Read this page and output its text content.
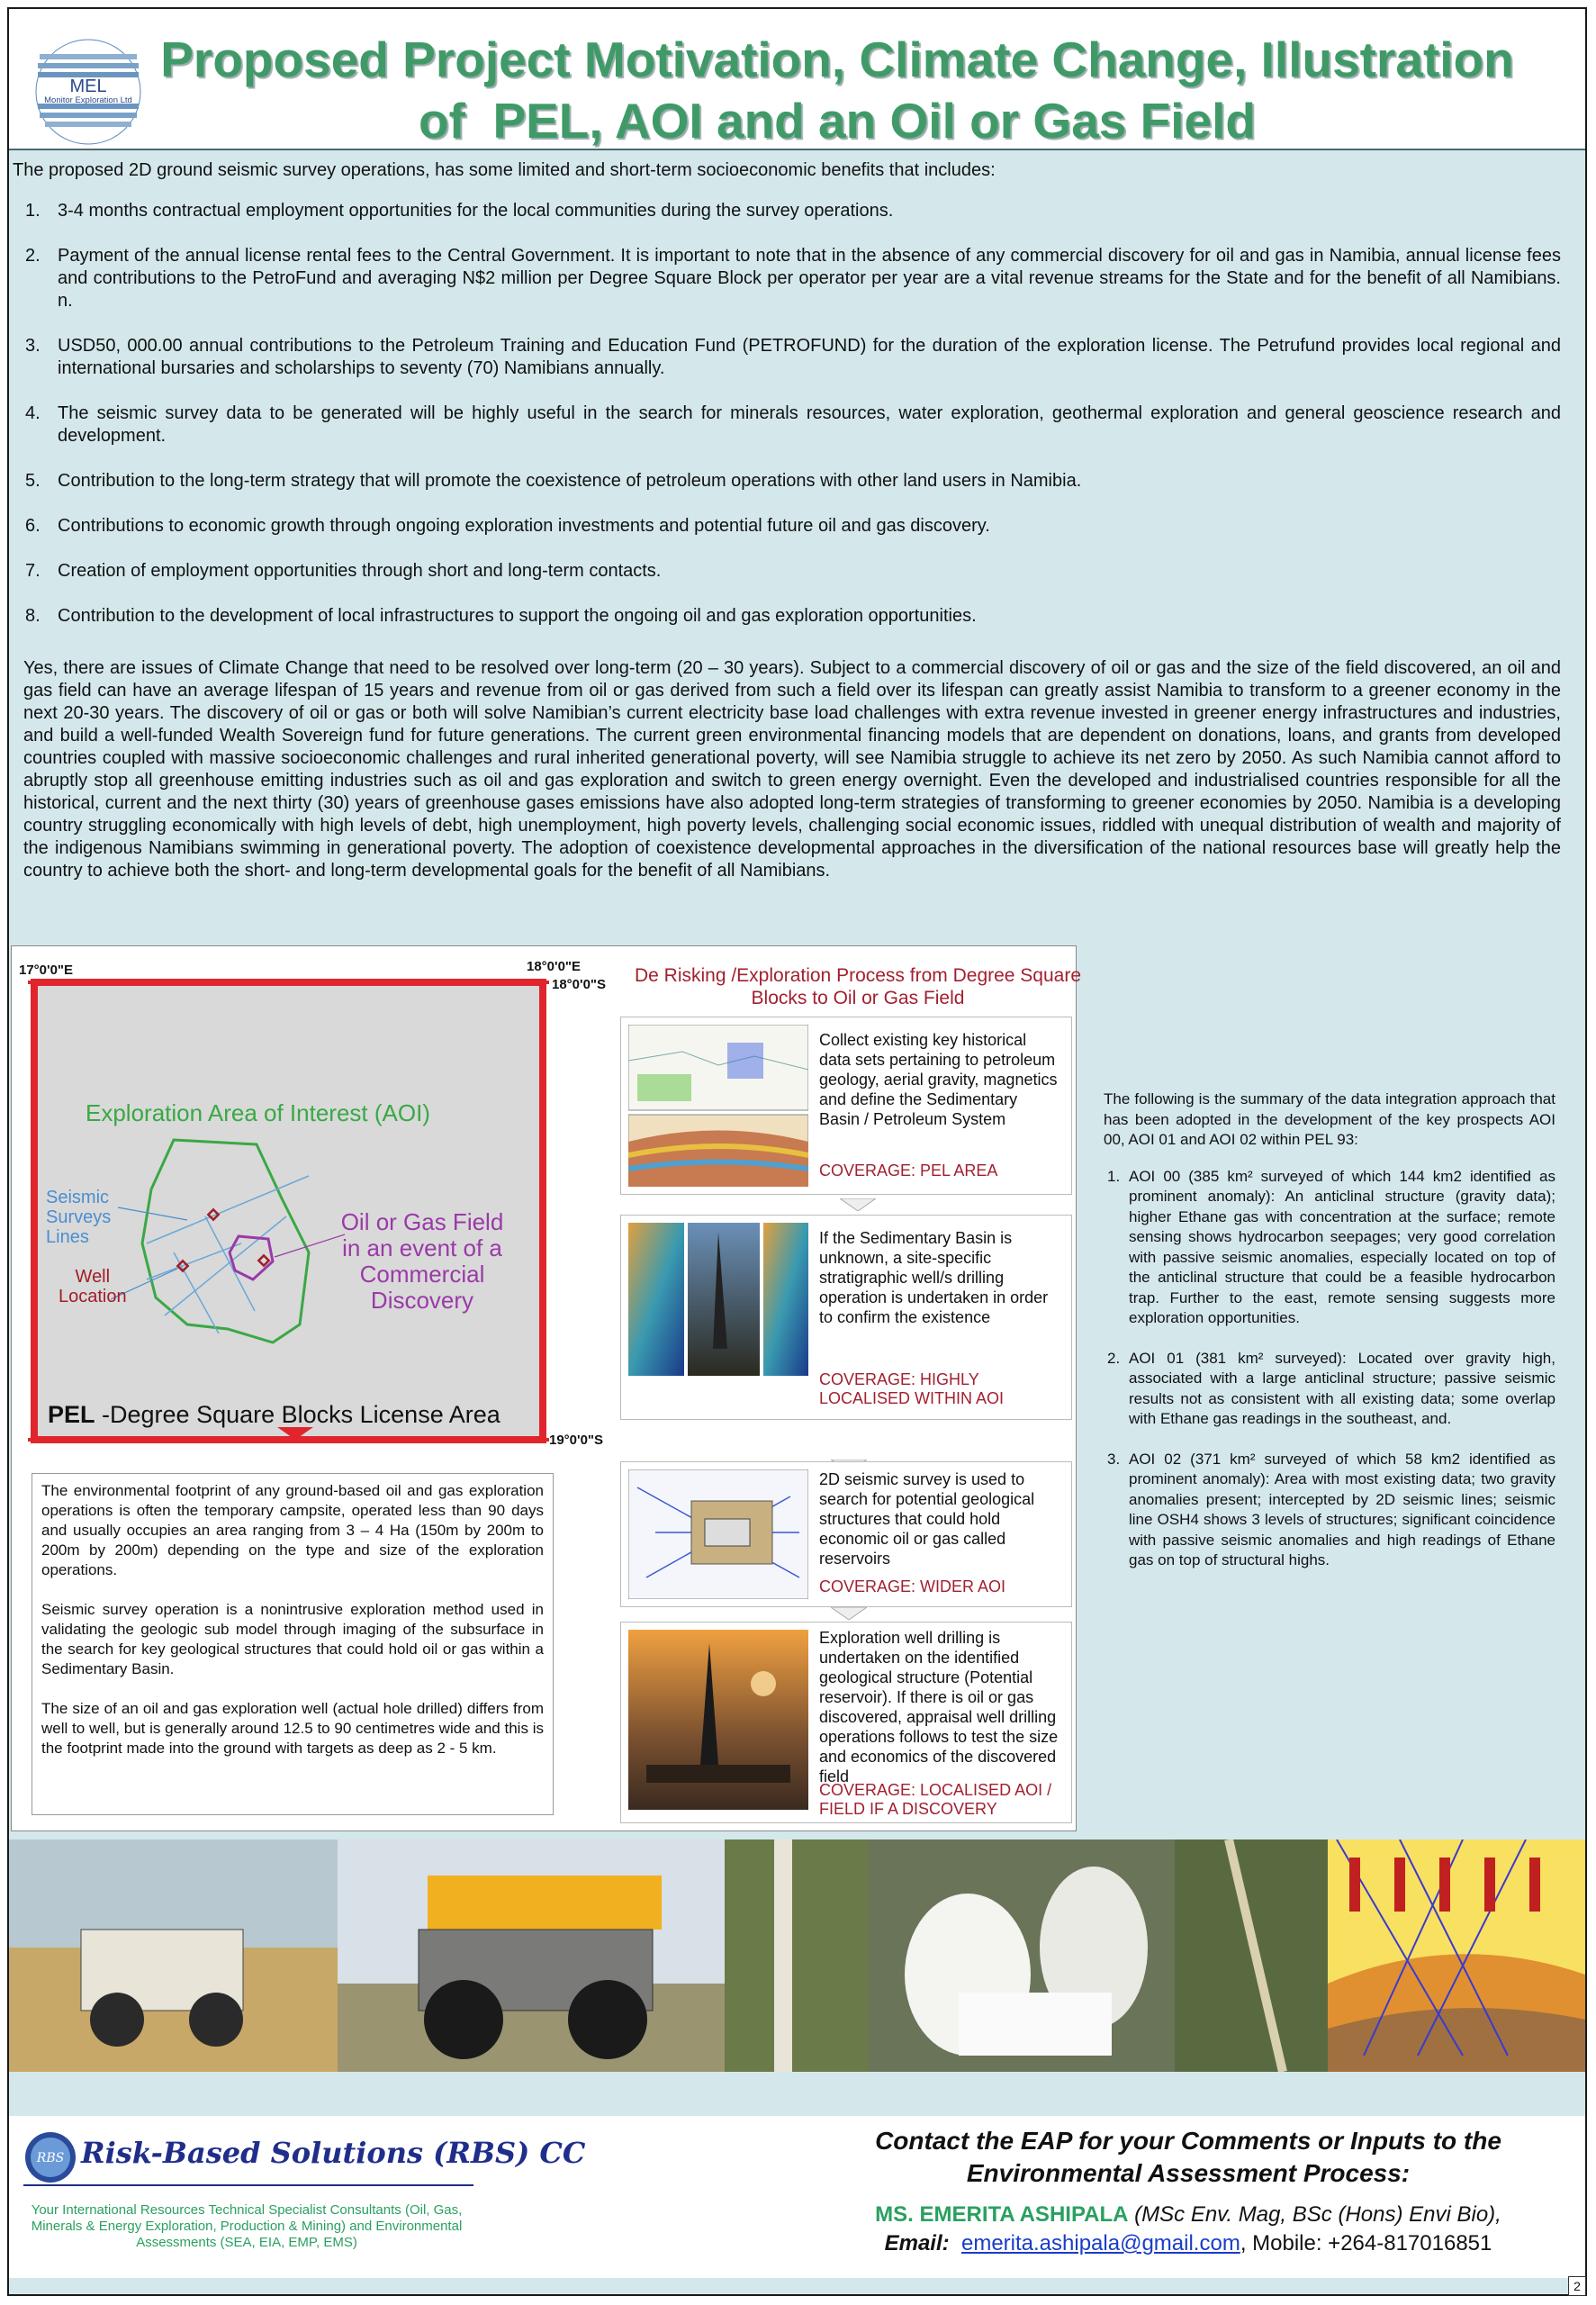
MEL
Monitor Exploration Ltd
Proposed Project Motivation, Climate Change, Illustration
of  PEL, AOI and an Oil or Gas Field
The proposed 2D ground seismic survey operations, has some limited and short-term socioeconomic benefits that includes:
1. 3-4 months contractual employment opportunities for the local communities during the survey operations.
2. Payment of the annual license rental fees to the Central Government. It is important to note that in the absence of any commercial discovery for oil and gas in Namibia, annual license fees and contributions to the PetroFund and averaging N$2 million per Degree Square Block per operator per year are a vital revenue streams for the State and for the benefit of all Namibians. n.
3. USD50, 000.00 annual contributions to the Petroleum Training and Education Fund (PETROFUND) for the duration of the exploration license. The Petrufund provides local regional and international bursaries and scholarships to seventy (70) Namibians annually.
4. The seismic survey data to be generated will be highly useful in the search for minerals resources, water exploration, geothermal exploration and general geoscience research and development.
5. Contribution to the long-term strategy that will promote the coexistence of petroleum operations with other land users in Namibia.
6. Contributions to economic growth through ongoing exploration investments and potential future oil and gas discovery.
7. Creation of employment opportunities through short and long-term contacts.
8. Contribution to the development of local infrastructures to support the ongoing oil and gas exploration opportunities.
Yes, there are issues of Climate Change that need to be resolved over long-term (20 – 30 years). Subject to a commercial discovery of oil or gas and the size of the field discovered, an oil and gas field can have an average lifespan of 15 years and revenue from oil or gas derived from such a field over its lifespan can greatly assist Namibia to transform to a greener economy in the next 20-30 years. The discovery of oil or gas or both will solve Namibian’s current electricity base load challenges with extra revenue invested in greener energy infrastructures and industries, and build a well-funded Wealth Sovereign fund for future generations. The current green environmental financing models that are dependent on donations, loans, and grants from developed countries coupled with massive socioeconomic challenges and rural inherited generational poverty, will see Namibia struggle to achieve its net zero by 2050. As such Namibia cannot afford to abruptly stop all greenhouse emitting industries such as oil and gas exploration and switch to green energy overnight. Even the developed and industrialised countries responsible for all the historical, current and the next thirty (30) years of greenhouse gases emissions have also adopted long-term strategies of transforming to greener economies by 2050. Namibia is a developing country struggling economically with high levels of debt, high unemployment, high poverty levels, challenging social economic issues, riddled with unequal distribution of wealth and majority of the indigenous Namibians swimming in generational poverty. The adoption of coexistence developmental approaches in the diversification of the national resources base will greatly help the country to achieve both the short- and long-term developmental goals for the benefit of all Namibians.
17°0'0"E	18°0'0"E
18°0'0"S
19°0'0"S
Exploration Area of Interest (AOI)
Seismic
Surveys
Lines
Well
Location
Oil or Gas Field
in an event of a
Commercial
Discovery
PEL -Degree Square Blocks License Area

The environmental footprint of any ground-based oil and gas exploration operations is often the temporary campsite, operated less than 90 days and usually occupies an area ranging from 3 – 4 Ha (150m by 200m to 200m by 200m) depending on the type and size of the exploration operations.

Seismic survey operation is a nonintrusive exploration method used in validating the geologic sub model through imaging of the subsurface in the search for key geological structures that could hold oil or gas within a Sedimentary Basin.

The size of an oil and gas exploration well (actual hole drilled) differs from well to well, but is generally around 12.5 to 90 centimetres wide and this is the footprint made into the ground with targets as deep as 2 - 5 km.

De Risking /Exploration Process from Degree Square Blocks to Oil or Gas Field
Collect existing key historical data sets pertaining to petroleum geology, aerial gravity, magnetics and define the Sedimentary Basin / Petroleum System
COVERAGE: PEL AREA
If the Sedimentary Basin is unknown, a site-specific stratigraphic well/s drilling operation is undertaken in order to confirm the existence
COVERAGE: HIGHLY LOCALISED WITHIN AOI
2D seismic survey is used to search for potential geological structures that could hold economic oil or gas called reservoirs
COVERAGE: WIDER AOI
Exploration well drilling is undertaken on the identified geological structure (Potential reservoir). If there is oil or gas discovered, appraisal well drilling operations follows to test the size and economics of the discovered field
COVERAGE: LOCALISED AOI / FIELD IF A DISCOVERY
The following is the summary of the data integration approach that has been adopted in the development of the key prospects AOI 00, AOI 01 and AOI 02 within PEL 93:
1. AOI 00 (385 km² surveyed of which 144 km2 identified as prominent anomaly): An anticlinal structure (gravity data); higher Ethane gas with concentration at the surface; remote sensing shows hydrocarbon seepages; very good correlation with passive seismic anomalies, especially located on top of the anticlinal structure that could be a feasible hydrocarbon trap. Further to the east, remote sensing suggests more exploration opportunities.
2. AOI 01 (381 km² surveyed): Located over gravity high, associated with a large anticlinal structure; passive seismic results not as consistent with all existing data; some overlap with Ethane gas readings in the southeast, and.
3. AOI 02 (371 km² surveyed of which 58 km2 identified as prominent anomaly): Area with most existing data; two gravity anomalies present; intercepted by 2D seismic lines; seismic line OSH4 shows 3 levels of structures; significant coincidence with passive seismic anomalies and high readings of Ethane gas on top of structural highs.
RBS Risk-Based Solutions (RBS) CC
Your International Resources Technical Specialist Consultants (Oil, Gas, Minerals & Energy Exploration, Production & Mining) and Environmental Assessments (SEA, EIA, EMP, EMS)
Contact the EAP for your Comments or Inputs to the Environmental Assessment Process:
MS. EMERITA ASHIPALA (MSc Env. Mag, BSc (Hons) Envi Bio),
Email: emerita.ashipala@gmail.com, Mobile: +264-817016851
2
